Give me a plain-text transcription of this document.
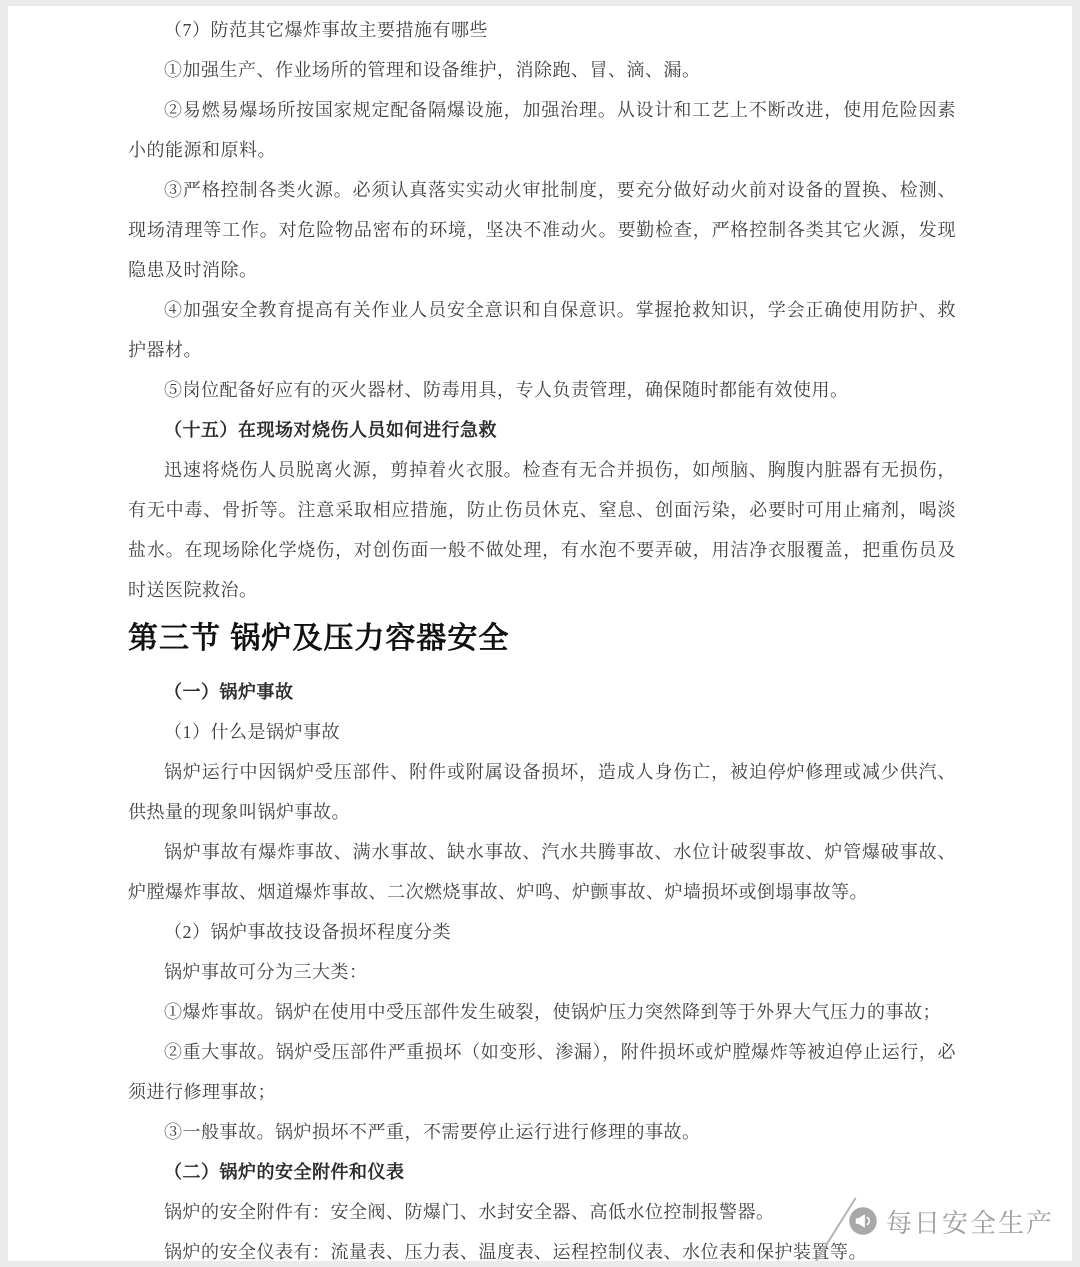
（7）防范其它爆炸事故主要措施有哪些

①加强生产、作业场所的管理和设备维护，消除跑、冒、滴、漏。

②易燃易爆场所按国家规定配备隔爆设施，加强治理。从设计和工艺上不断改进，使用危险因素小的能源和原料。

③严格控制各类火源。必须认真落实实动火审批制度，要充分做好动火前对设备的置换、检测、现场清理等工作。对危险物品密布的环境，坚决不准动火。要勤检查，严格控制各类其它火源，发现隐患及时消除。

④加强安全教育提高有关作业人员安全意识和自保意识。掌握抢救知识，学会正确使用防护、救护器材。

⑤岗位配备好应有的灭火器材、防毒用具，专人负责管理，确保随时都能有效使用。

（十五）在现场对烧伤人员如何进行急救

迅速将烧伤人员脱离火源，剪掉着火衣服。检查有无合并损伤，如颅脑、胸腹内脏器有无损伤，有无中毒、骨折等。注意采取相应措施，防止伤员休克、窒息、创面污染，必要时可用止痛剂，喝淡盐水。在现场除化学烧伤，对创伤面一般不做处理，有水泡不要弄破，用洁净衣服覆盖，把重伤员及时送医院救治。

第三节 锅炉及压力容器安全

（一）锅炉事故

（1）什么是锅炉事故

锅炉运行中因锅炉受压部件、附件或附属设备损坏，造成人身伤亡，被迫停炉修理或减少供汽、供热量的现象叫锅炉事故。

锅炉事故有爆炸事故、满水事故、缺水事故、汽水共腾事故、水位计破裂事故、炉管爆破事故、炉膛爆炸事故、烟道爆炸事故、二次燃烧事故、炉鸣、炉颤事故、炉墙损坏或倒塌事故等。

（2）锅炉事故技设备损坏程度分类

锅炉事故可分为三大类：

①爆炸事故。锅炉在使用中受压部件发生破裂，使锅炉压力突然降到等于外界大气压力的事故；

②重大事故。锅炉受压部件严重损坏（如变形、渗漏），附件损坏或炉膛爆炸等被迫停止运行，必须进行修理事故；

③一般事故。锅炉损坏不严重，不需要停止运行进行修理的事故。

（二）锅炉的安全附件和仪表

锅炉的安全附件有：安全阀、防爆门、水封安全器、高低水位控制报警器。

锅炉的安全仪表有：流量表、压力表、温度表、运程控制仪表、水位表和保护装置等。

每日安全生产
